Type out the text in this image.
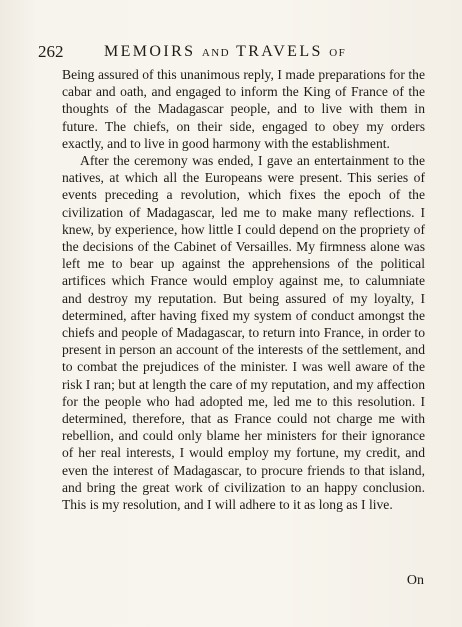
262	MEMOIRS AND TRAVELS OF

Being assured of this unanimous reply, I made preparations for the cabar and oath, and engaged to inform the King of France of the thoughts of the Madagascar people, and to live with them in future. The chiefs, on their side, engaged to obey my orders exactly, and to live in good harmony with the establishment.

After the ceremony was ended, I gave an entertainment to the natives, at which all the Europeans were present. This series of events preceding a revolution, which fixes the epoch of the civilization of Madagascar, led me to make many reflections. I knew, by experience, how little I could depend on the propriety of the decisions of the Cabinet of Versailles. My firmness alone was left me to bear up against the apprehensions of the political artifices which France would employ against me, to calumniate and destroy my reputation. But being assured of my loyalty, I determined, after having fixed my system of conduct amongst the chiefs and people of Madagascar, to return into France, in order to present in person an account of the interests of the settlement, and to combat the prejudices of the minister. I was well aware of the risk I ran; but at length the care of my reputation, and my affection for the people who had adopted me, led me to this resolution. I determined, therefore, that as France could not charge me with rebellion, and could only blame her ministers for their ignorance of her real interests, I would employ my fortune, my credit, and even the interest of Madagascar, to procure friends to that island, and bring the great work of civilization to an happy conclusion. This is my resolution, and I will adhere to it as long as I live.

On
